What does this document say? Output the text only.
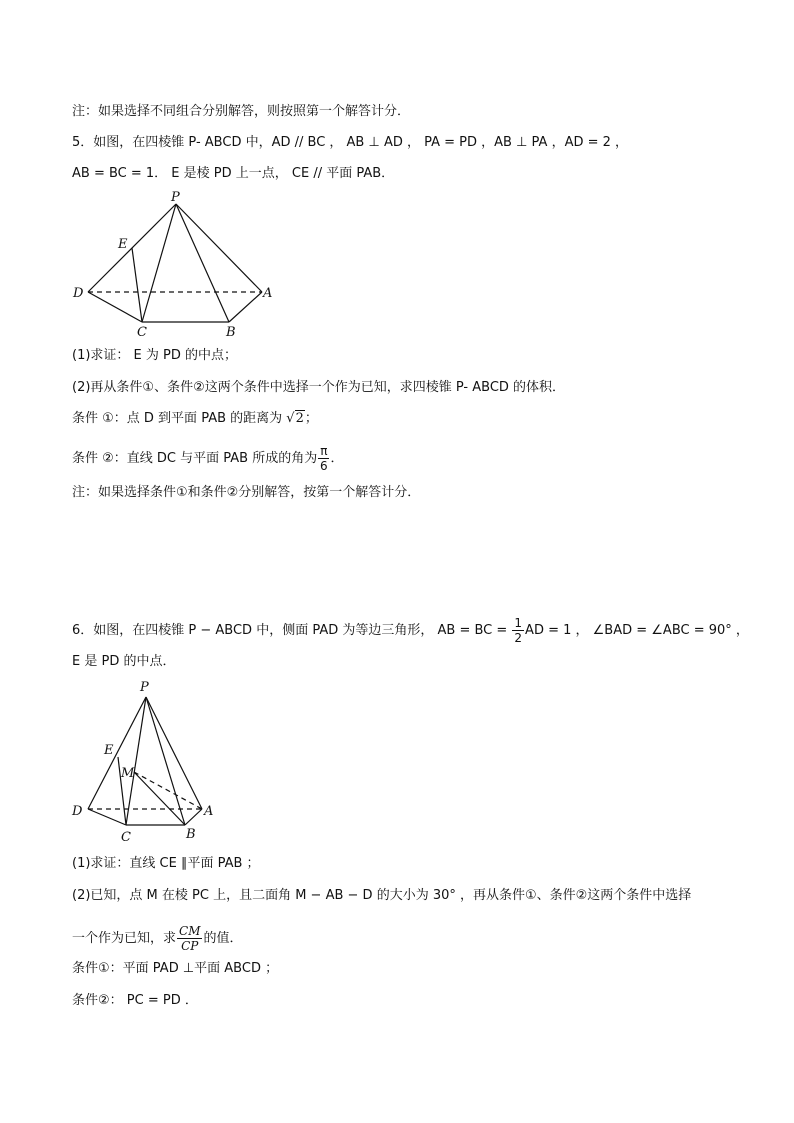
注：如果选择不同组合分别解答，则按照第一个解答计分．
5．如图，在四棱锥 P- ABCD 中，AD // BC ， AB ⊥ AD ， PA = PD ，AB ⊥ PA ，AD = 2 ，
AB = BC = 1． E 是棱 PD 上一点， CE // 平面 PAB．
P
E
D	A
C	B
(1)求证： E 为 PD 的中点；
(2)再从条件①、条件②这两个条件中选择一个作为已知，求四棱锥 P- ABCD 的体积．
条件 ①：点 D 到平面 PAB 的距离为 √2；
条件 ②：直线 DC 与平面 PAB 所成的角为 $\frac{\pi}{6}$ ．
注：如果选择条件①和条件②分别解答，按第一个解答计分．
6．如图，在四棱锥 P − ABCD 中，侧面 PAD 为等边三角形， AB = BC = $\frac{1}{2}$ AD = 1 ， ∠BAD = ∠ABC = 90° ，
E 是 PD 的中点．
P
E
M
D	A
C	B
(1)求证：直线 CE ∥平面 PAB ；
(2)已知，点 M 在棱 PC 上，且二面角 M − AB − D 的大小为 30° ，再从条件①、条件②这两个条件中选择
一个作为已知，求 $\frac{CM}{CP}$ 的值．
条件①：平面 PAD ⊥平面 ABCD ；
条件②： PC = PD ．
